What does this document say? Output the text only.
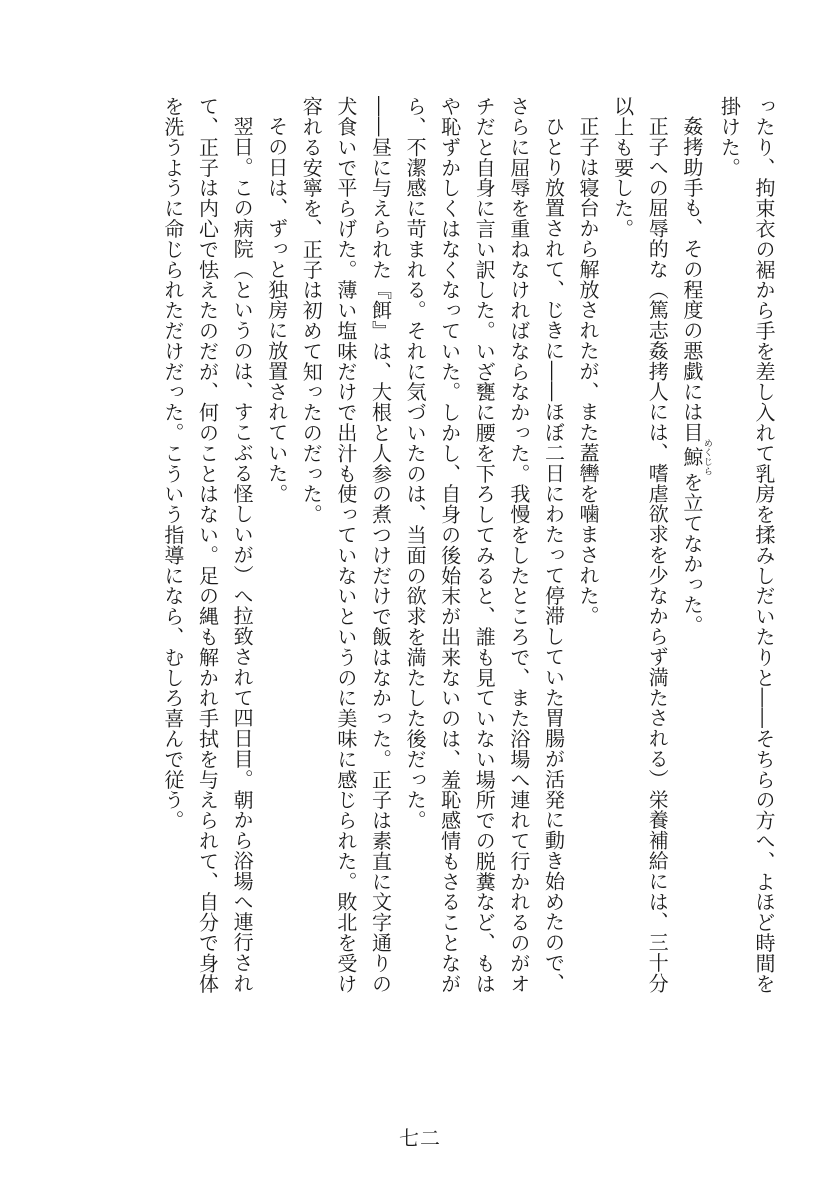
ったり、拘束衣の裾から手を差し入れて乳房を揉みしだいたりと――そちらの方へ、よほど時間を掛けた。

姦拷助手も、その程度の悪戯には目鯨めくじらを立てなかった。

正子への屈辱的な（篤志姦拷人には、嗜虐欲求を少なからず満たされる）栄養補給には、三十分以上も要した。

正子は寝台から解放されたが、また蓋轡を噛まされた。

ひとり放置されて、じきに――ほぼ二日にわたって停滞していた胃腸が活発に動き始めたので、さらに屈辱を重ねなければならなかった。我慢をしたところで、また浴場へ連れて行かれるのがオチだと自身に言い訳した。いざ甕に腰を下ろしてみると、誰も見ていない場所での脱糞など、もはや恥ずかしくはなくなっていた。しかし、自身の後始末が出来ないのは、羞恥感情もさることながら、不潔感に苛まれる。それに気づいたのは、当面の欲求を満たした後だった。

――昼に与えられた『餌』は、大根と人参の煮つけだけで飯はなかった。正子は素直に文字通りの犬食いで平らげた。薄い塩味だけで出汁も使っていないというのに美味に感じられた。敗北を受け容れる安寧を、正子は初めて知ったのだった。

その日は、ずっと独房に放置されていた。

翌日。この病院（というのは、すこぶる怪しいが）へ拉致されて四日目。朝から浴場へ連行されて、正子は内心で怯えたのだが、何のことはない。足の縄も解かれ手拭を与えられて、自分で身体を洗うように命じられただけだった。こういう指導になら、むしろ喜んで従う。

七二
